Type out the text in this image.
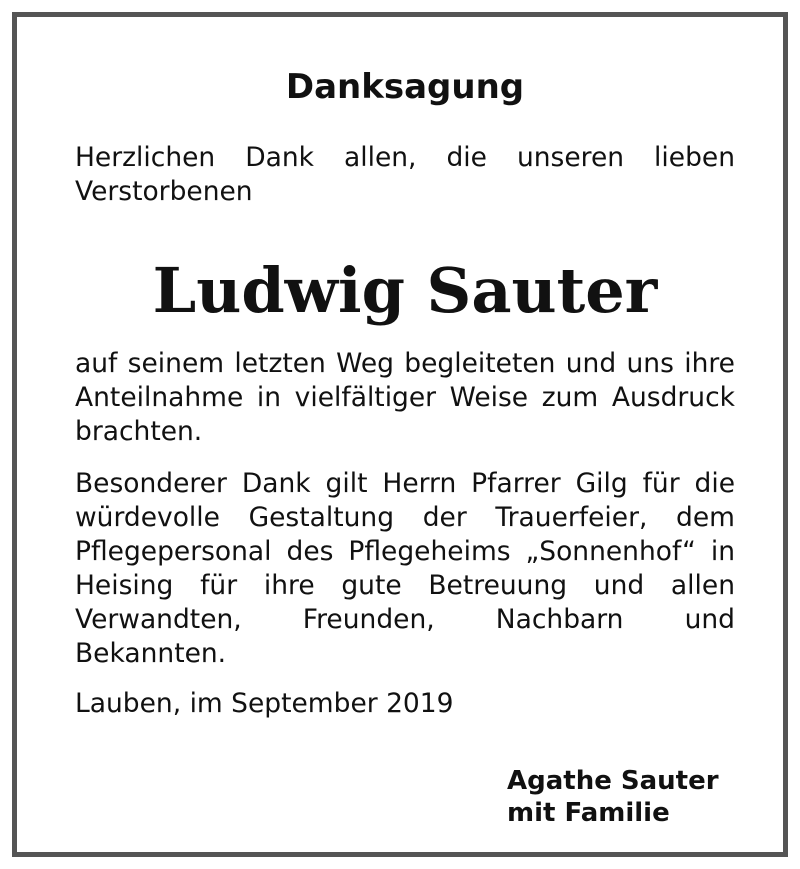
Danksagung

Herzlichen Dank allen, die unseren lieben Verstorbenen

Ludwig Sauter

auf seinem letzten Weg begleiteten und uns ihre Anteilnahme in vielfältiger Weise zum Ausdruck brachten.

Besonderer Dank gilt Herrn Pfarrer Gilg für die würdevolle Gestaltung der Trauerfeier, dem Pflegepersonal des Pflegeheims „Sonnenhof“ in Heising für ihre gute Betreuung und allen Verwandten, Freunden, Nachbarn und Bekannten.

Lauben, im September 2019

Agathe Sauter
mit Familie
